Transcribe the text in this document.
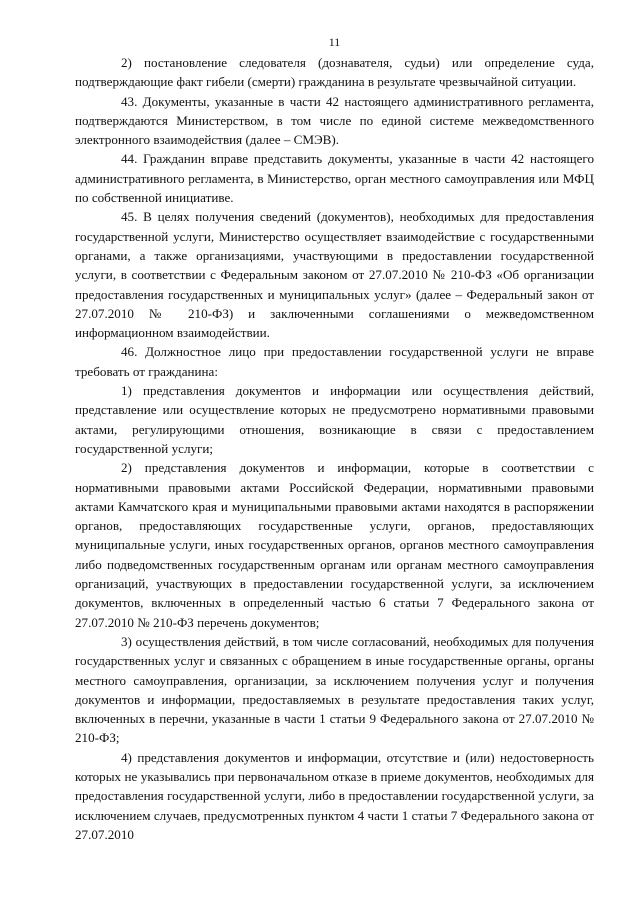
11

2) постановление следователя (дознавателя, судьи) или определение суда, подтверждающие факт гибели (смерти) гражданина в результате чрезвычайной ситуации.

43. Документы, указанные в части 42 настоящего административного регламента, подтверждаются Министерством, в том числе по единой системе межведомственного электронного взаимодействия (далее – СМЭВ).

44. Гражданин вправе представить документы, указанные в части 42 настоящего административного регламента, в Министерство, орган местного самоуправления или МФЦ по собственной инициативе.

45. В целях получения сведений (документов), необходимых для предоставления государственной услуги, Министерство осуществляет взаимодействие с государственными органами, а также организациями, участвующими в предоставлении государственной услуги, в соответствии с Федеральным законом от 27.07.2010 № 210-ФЗ «Об организации предоставления государственных и муниципальных услуг» (далее – Федеральный закон от 27.07.2010 № 210-ФЗ) и заключенными соглашениями о межведомственном информационном взаимодействии.

46. Должностное лицо при предоставлении государственной услуги не вправе требовать от гражданина:

1) представления документов и информации или осуществления действий, представление или осуществление которых не предусмотрено нормативными правовыми актами, регулирующими отношения, возникающие в связи с предоставлением государственной услуги;

2) представления документов и информации, которые в соответствии с нормативными правовыми актами Российской Федерации, нормативными правовыми актами Камчатского края и муниципальными правовыми актами находятся в распоряжении органов, предоставляющих государственные услуги, органов, предоставляющих муниципальные услуги, иных государственных органов, органов местного самоуправления либо подведомственных государственным органам или органам местного самоуправления организаций, участвующих в предоставлении государственной услуги, за исключением документов, включенных в определенный частью 6 статьи 7 Федерального закона от 27.07.2010 № 210-ФЗ перечень документов;

3) осуществления действий, в том числе согласований, необходимых для получения государственных услуг и связанных с обращением в иные государственные органы, органы местного самоуправления, организации, за исключением получения услуг и получения документов и информации, предоставляемых в результате предоставления таких услуг, включенных в перечни, указанные в части 1 статьи 9 Федерального закона от 27.07.2010 № 210-ФЗ;

4) представления документов и информации, отсутствие и (или) недостоверность которых не указывались при первоначальном отказе в приеме документов, необходимых для предоставления государственной услуги, либо в предоставлении государственной услуги, за исключением случаев, предусмотренных пунктом 4 части 1 статьи 7 Федерального закона от 27.07.2010
